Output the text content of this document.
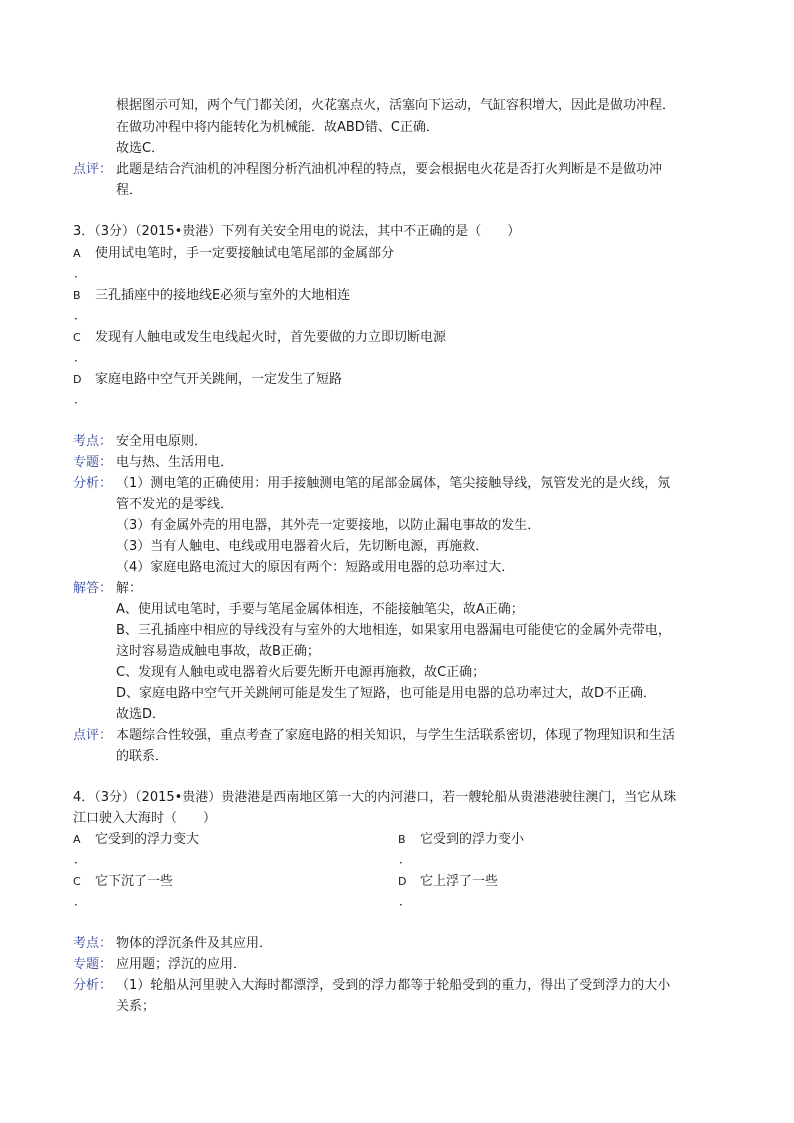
根据图示可知，两个气门都关闭，火花塞点火，活塞向下运动，气缸容积增大，因此是做功冲程．
在做功冲程中将内能转化为机械能．故ABD错、C正确．
故选C．
点评： 此题是结合汽油机的冲程图分析汽油机冲程的特点，要会根据电火花是否打火判断是不是做功冲
程．
3．（3分）（2015•贵港）下列有关安全用电的说法，其中不正确的是（　　）
A 使用试电笔时，手一定要接触试电笔尾部的金属部分
．
B 三孔插座中的接地线E必须与室外的大地相连
．
C 发现有人触电或发生电线起火时，首先要做的力立即切断电源
．
D 家庭电路中空气开关跳闸，一定发生了短路
．
考点： 安全用电原则．
专题： 电与热、生活用电．
分析： （1）测电笔的正确使用：用手接触测电笔的尾部金属体，笔尖接触导线，氖管发光的是火线，氖
管不发光的是零线．
（3）有金属外壳的用电器，其外壳一定要接地，以防止漏电事故的发生．
（3）当有人触电、电线或用电器着火后，先切断电源，再施救．
（4）家庭电路电流过大的原因有两个：短路或用电器的总功率过大．
解答： 解：
A、使用试电笔时，手要与笔尾金属体相连，不能接触笔尖，故A正确；
B、三孔插座中相应的导线没有与室外的大地相连，如果家用电器漏电可能使它的金属外壳带电，
这时容易造成触电事故，故B正确；
C、发现有人触电或电器着火后要先断开电源再施救，故C正确；
D、家庭电路中空气开关跳闸可能是发生了短路，也可能是用电器的总功率过大，故D不正确．
故选D．
点评： 本题综合性较强，重点考查了家庭电路的相关知识，与学生生活联系密切，体现了物理知识和生活
的联系．
4．（3分）（2015•贵港）贵港港是西南地区第一大的内河港口，若一艘轮船从贵港港驶往澳门，当它从珠
江口驶入大海时（　　）
A 它受到的浮力变大
．
B 它受到的浮力变小
．
C 它下沉了一些
．
D 它上浮了一些
．
考点： 物体的浮沉条件及其应用．
专题： 应用题；浮沉的应用．
分析： （1）轮船从河里驶入大海时都漂浮，受到的浮力都等于轮船受到的重力，得出了受到浮力的大小
关系；
